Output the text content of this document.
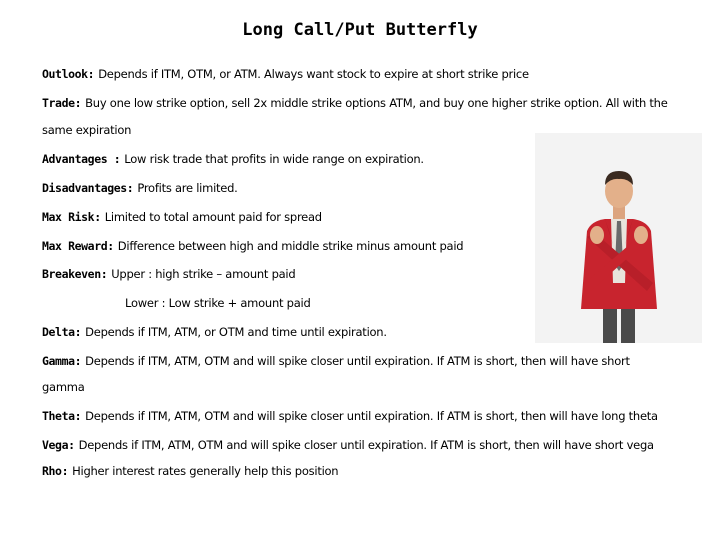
Long Call/Put Butterfly
Outlook: Depends if ITM, OTM, or ATM. Always want stock to expire at short strike price
Trade: Buy one low strike option, sell 2x middle strike options ATM, and buy one higher strike option. All with the
same expiration
Advantages : Low risk trade that profits in wide range on expiration.
Disadvantages: Profits are limited.
Max Risk: Limited to total amount paid for spread
Max Reward: Difference between high and middle strike minus amount paid
Breakeven: Upper : high strike – amount paid
Lower : Low strike + amount paid
Delta: Depends if ITM, ATM, or OTM and time until expiration.
Gamma: Depends if ITM, ATM, OTM and will spike closer until expiration. If ATM is short, then will have short
gamma
Theta: Depends if ITM, ATM, OTM and will spike closer until expiration. If ATM is short, then will have long theta
Vega: Depends if ITM, ATM, OTM and will spike closer until expiration. If ATM is short, then will have short vega
Rho: Higher interest rates generally help this position
